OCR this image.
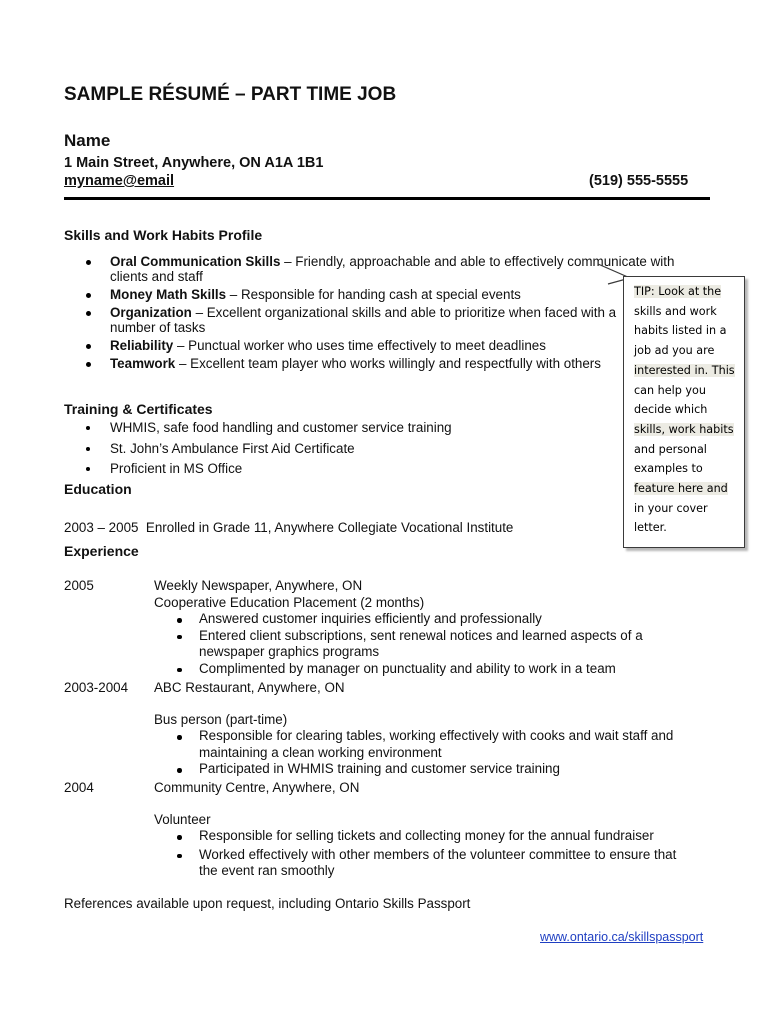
SAMPLE RÉSUMÉ – PART TIME JOB
Name
1 Main Street, Anywhere, ON A1A 1B1
myname@email	(519) 555-5555
Skills and Work Habits Profile
Oral Communication Skills – Friendly, approachable and able to effectively communicate with clients and staff
Money Math Skills – Responsible for handing cash at special events
Organization – Excellent organizational skills and able to prioritize when faced with a number of tasks
Reliability – Punctual worker who uses time effectively to meet deadlines
Teamwork – Excellent team player who works willingly and respectfully with others
TIP: Look at the
skills and work
habits listed in a
job ad you are
interested in. This
can help you
decide which
skills, work habits
and personal
examples to
feature here and
in your cover
letter.
Training & Certificates
WHMIS, safe food handling and customer service training
St. John’s Ambulance First Aid Certificate
Proficient in MS Office
Education
2003 – 2005  Enrolled in Grade 11, Anywhere Collegiate Vocational Institute
Experience
2005	Weekly Newspaper, Anywhere, ON
Cooperative Education Placement (2 months)
Answered customer inquiries efficiently and professionally
Entered client subscriptions, sent renewal notices and learned aspects of a newspaper graphics programs
Complimented by manager on punctuality and ability to work in a team
2003-2004 ABC Restaurant, Anywhere, ON
Bus person (part-time)
Responsible for clearing tables, working effectively with cooks and wait staff and maintaining a clean working environment
Participated in WHMIS training and customer service training
2004	Community Centre, Anywhere, ON
Volunteer
Responsible for selling tickets and collecting money for the annual fundraiser
Worked effectively with other members of the volunteer committee to ensure that the event ran smoothly
References available upon request, including Ontario Skills Passport
www.ontario.ca/skillspassport
